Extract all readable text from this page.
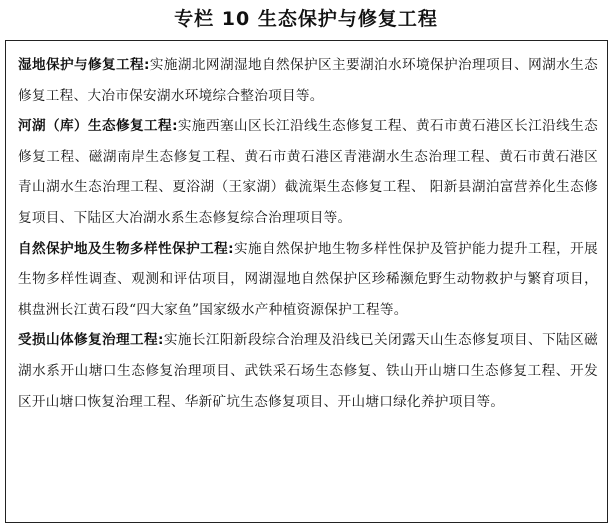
专栏 10 生态保护与修复工程

湿地保护与修复工程:实施湖北网湖湿地自然保护区主要湖泊水环境保护治理项目、网湖水生态修复工程、大冶市保安湖水环境综合整治项目等。

河湖（库）生态修复工程:实施西塞山区长江沿线生态修复工程、黄石市黄石港区长江沿线生态修复工程、磁湖南岸生态修复工程、黄石市黄石港区青港湖水生态治理工程、黄石市黄石港区青山湖水生态治理工程、夏浴湖（王家湖）截流渠生态修复工程、 阳新县湖泊富营养化生态修复项目、下陆区大冶湖水系生态修复综合治理项目等。

自然保护地及生物多样性保护工程:实施自然保护地生物多样性保护及管护能力提升工程，开展生物多样性调查、观测和评估项目，网湖湿地自然保护区珍稀濒危野生动物救护与繁育项目，棋盘洲长江黄石段“四大家鱼”国家级水产种植资源保护工程等。

受损山体修复治理工程:实施长江阳新段综合治理及沿线已关闭露天山生态修复项目、下陆区磁湖水系开山塘口生态修复治理项目、武铁采石场生态修复、铁山开山塘口生态修复工程、开发区开山塘口恢复治理工程、华新矿坑生态修复项目、开山塘口绿化养护项目等。
